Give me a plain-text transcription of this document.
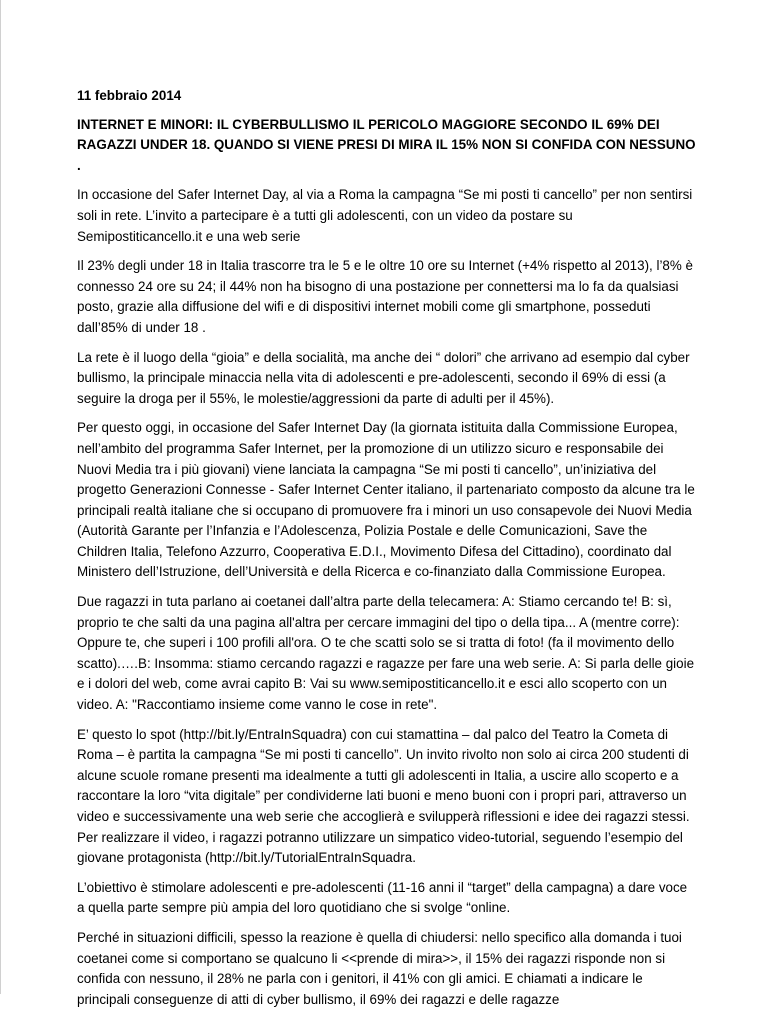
11 febbraio 2014
INTERNET E MINORI: IL CYBERBULLISMO IL PERICOLO MAGGIORE SECONDO IL 69% DEI RAGAZZI UNDER 18. QUANDO SI VIENE PRESI DI MIRA IL 15% NON SI CONFIDA CON NESSUNO .

In occasione del Safer Internet Day, al via a Roma la campagna “Se mi posti ti cancello” per non sentirsi soli in rete. L’invito a partecipare è a tutti gli adolescenti, con un video da postare su Semipostiticancello.it e una web serie

Il 23% degli under 18 in Italia trascorre tra le 5 e le oltre 10 ore su Internet (+4% rispetto al 2013), l’8% è connesso 24 ore su 24; il 44% non ha bisogno di una postazione per connettersi ma lo fa da qualsiasi posto, grazie alla diffusione del wifi e di dispositivi internet mobili come gli smartphone, posseduti dall’85% di under 18 .

La rete è il luogo della “gioia” e della socialità, ma anche dei “ dolori” che arrivano ad esempio dal cyber bullismo, la principale minaccia nella vita di adolescenti e pre-adolescenti, secondo il 69% di essi (a seguire la droga per il 55%, le molestie/aggressioni da parte di adulti per il 45%).

Per questo oggi, in occasione del Safer Internet Day (la giornata istituita dalla Commissione Europea, nell’ambito del programma Safer Internet, per la promozione di un utilizzo sicuro e responsabile dei Nuovi Media tra i più giovani) viene lanciata la campagna “Se mi posti ti cancello”, un’iniziativa del progetto Generazioni Connesse - Safer Internet Center italiano, il partenariato composto da alcune tra le principali realtà italiane che si occupano di promuovere fra i minori un uso consapevole dei Nuovi Media (Autorità Garante per l’Infanzia e l’Adolescenza, Polizia Postale e delle Comunicazioni, Save the Children Italia, Telefono Azzurro, Cooperativa E.D.I., Movimento Difesa del Cittadino), coordinato dal Ministero dell’Istruzione, dell’Università e della Ricerca e co-finanziato dalla Commissione Europea.

Due ragazzi in tuta parlano ai coetanei dall’altra parte della telecamera: A: Stiamo cercando te! B: sì, proprio te che salti da una pagina all'altra per cercare immagini del tipo o della tipa... A (mentre corre): Oppure te, che superi i 100 profili all'ora. O te che scatti solo se si tratta di foto! (fa il movimento dello scatto).….B: Insomma: stiamo cercando ragazzi e ragazze per fare una web serie. A: Si parla delle gioie e i dolori del web, come avrai capito B: Vai su www.semipostiticancello.it e esci allo scoperto con un video. A: "Raccontiamo insieme come vanno le cose in rete".

E’ questo lo spot (http://bit.ly/EntraInSquadra) con cui stamattina – dal palco del Teatro la Cometa di Roma – è partita la campagna “Se mi posti ti cancello”. Un invito rivolto non solo ai circa 200 studenti di alcune scuole romane presenti ma idealmente a tutti gli adolescenti in Italia, a uscire allo scoperto e a raccontare la loro “vita digitale” per condividerne lati buoni e meno buoni con i propri pari, attraverso un video e successivamente una web serie che accoglierà e svilupperà riflessioni e idee dei ragazzi stessi. Per realizzare il video, i ragazzi potranno utilizzare un simpatico video-tutorial, seguendo l’esempio del giovane protagonista (http://bit.ly/TutorialEntraInSquadra.

L’obiettivo è stimolare adolescenti e pre-adolescenti (11-16 anni il “target” della campagna) a dare voce a quella parte sempre più ampia del loro quotidiano che si svolge “online.

Perché in situazioni difficili, spesso la reazione è quella di chiudersi: nello specifico alla domanda i tuoi coetanei come si comportano se qualcuno li <<prende di mira>>, il 15% dei ragazzi risponde non si confida con nessuno, il 28% ne parla con i genitori, il 41% con gli amici. E chiamati a indicare le principali conseguenze di atti di cyber bullismo, il 69% dei ragazzi e delle ragazze
